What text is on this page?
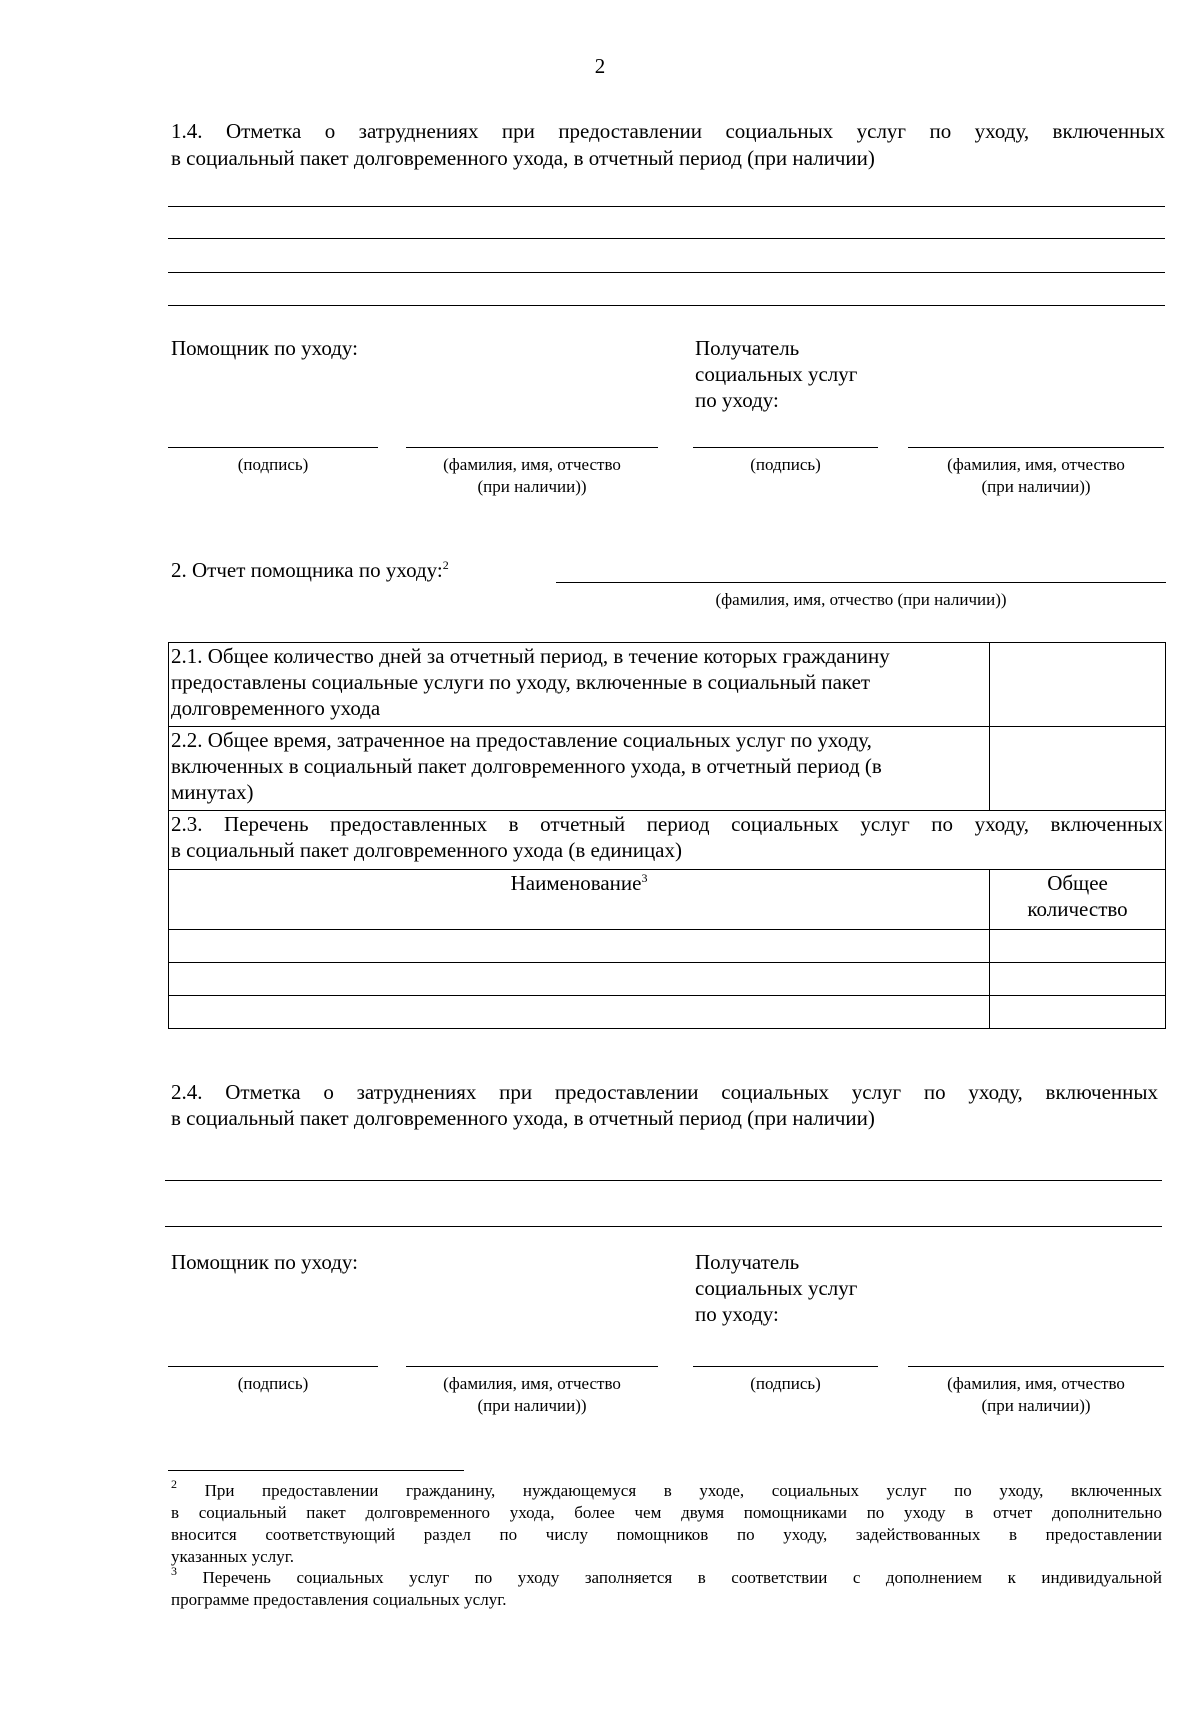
2
1.4. Отметка о затруднениях при предоставлении социальных услуг по уходу, включенных
в социальный пакет долговременного ухода, в отчетный период (при наличии)
Помощник по уходу:	Получатель
социальных услуг
по уходу:
(подпись)	(фамилия, имя, отчество
(при наличии))
(подпись)	(фамилия, имя, отчество
(при наличии))
2. Отчет помощника по уходу:$^2$
(фамилия, имя, отчество (при наличии))
2.1. Общее количество дней за отчетный период, в течение которых гражданину
предоставлены социальные услуги по уходу, включенные в социальный пакет
долговременного ухода	

2.2. Общее время, затраченное на предоставление социальных услуг по уходу,
включенных в социальный пакет долговременного ухода, в отчетный период (в
минутах)	

2.3. Перечень предоставленных в отчетный период социальных услуг по уходу, включенных
в социальный пакет долговременного ухода (в единицах)	

Наименование$^3$	Общее
количество

2.4. Отметка о затруднениях при предоставлении социальных услуг по уходу, включенных
в социальный пакет долговременного ухода, в отчетный период (при наличии)
Помощник по уходу:	Получатель
социальных услуг
по уходу:
(подпись)	(фамилия, имя, отчество
(при наличии))
(подпись)	(фамилия, имя, отчество
(при наличии))
$^2$ При предоставлении гражданину, нуждающемуся в уходе, социальных услуг по уходу, включенных
в социальный пакет долговременного ухода, более чем двумя помощниками по уходу в отчет дополнительно
вносится соответствующий раздел по числу помощников по уходу, задействованных в предоставлении
указанных услуг.
$^3$ Перечень социальных услуг по уходу заполняется в соответствии с дополнением к индивидуальной
программе предоставления социальных услуг.
